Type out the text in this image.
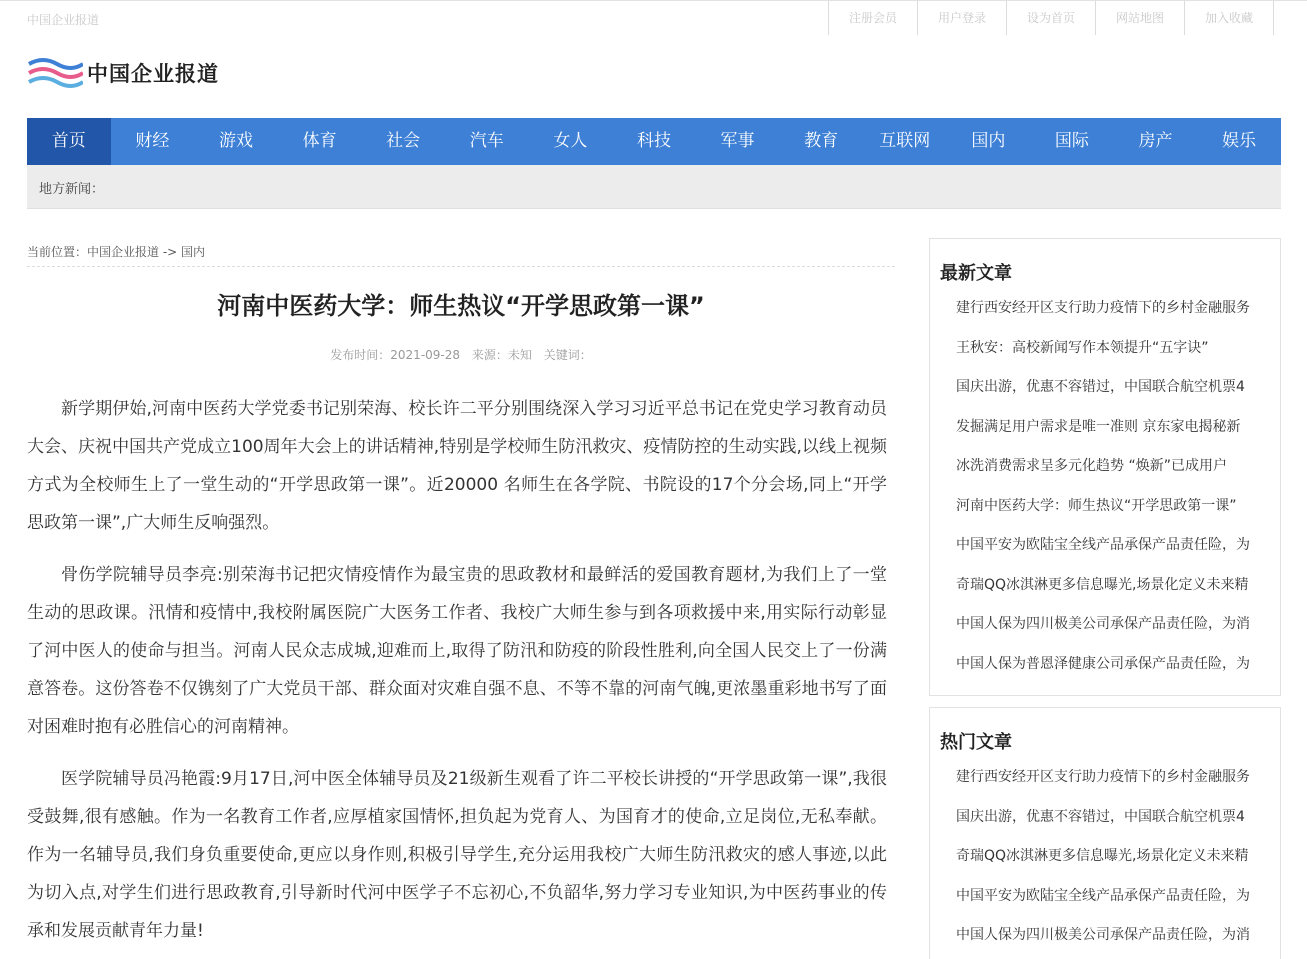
中国企业报道	注册会员	用户登录	设为首页	网站地图	加入收藏
中国企业报道
首页	财经	游戏	体育	社会	汽车	女人	科技	军事	教育	互联网	国内	国际	房产	娱乐
地方新闻：
当前位置：中国企业报道 -> 国内
河南中医药大学：师生热议“开学思政第一课”
发布时间：2021-09-28 来源：未知 关键词：

新学期伊始,河南中医药大学党委书记别荣海、校长许二平分别围绕深入学习习近平总书记在党史学习教育动员大会、庆祝中国共产党成立100周年大会上的讲话精神,特别是学校师生防汛救灾、疫情防控的生动实践,以线上视频方式为全校师生上了一堂生动的“开学思政第一课”。近20000 名师生在各学院、书院设的17个分会场,同上“开学思政第一课”,广大师生反响强烈。

骨伤学院辅导员李亮:别荣海书记把灾情疫情作为最宝贵的思政教材和最鲜活的爱国教育题材,为我们上了一堂生动的思政课。汛情和疫情中,我校附属医院广大医务工作者、我校广大师生参与到各项救援中来,用实际行动彰显了河中医人的使命与担当。河南人民众志成城,迎难而上,取得了防汛和防疫的阶段性胜利,向全国人民交上了一份满意答卷。这份答卷不仅镌刻了广大党员干部、群众面对灾难自强不息、不等不靠的河南气魄,更浓墨重彩地书写了面对困难时抱有必胜信心的河南精神。

医学院辅导员冯艳霞:9月17日,河中医全体辅导员及21级新生观看了许二平校长讲授的“开学思政第一课”,我很受鼓舞,很有感触。作为一名教育工作者,应厚植家国情怀,担负起为党育人、为国育才的使命,立足岗位,无私奉献。作为一名辅导员,我们身负重要使命,更应以身作则,积极引导学生,充分运用我校广大师生防汛救灾的感人事迹,以此为切入点,对学生们进行思政教育,引导新时代河中医学子不忘初心,不负韶华,努力学习专业知识,为中医药事业的传承和发展贡献青年力量!

最新文章
建行西安经开区支行助力疫情下的乡村金融服务
王秋安：高校新闻写作本领提升“五字诀”
国庆出游，优惠不容错过，中国联合航空机票4
发掘满足用户需求是唯一准则 京东家电揭秘新
冰洗消费需求呈多元化趋势 “焕新”已成用户
河南中医药大学：师生热议“开学思政第一课”
中国平安为欧陆宝全线产品承保产品责任险，为
奇瑞QQ冰淇淋更多信息曝光,场景化定义未来精
中国人保为四川极美公司承保产品责任险，为消
中国人保为普恩泽健康公司承保产品责任险，为
热门文章
建行西安经开区支行助力疫情下的乡村金融服务
国庆出游，优惠不容错过，中国联合航空机票4
奇瑞QQ冰淇淋更多信息曝光,场景化定义未来精
中国平安为欧陆宝全线产品承保产品责任险，为
中国人保为四川极美公司承保产品责任险，为消
